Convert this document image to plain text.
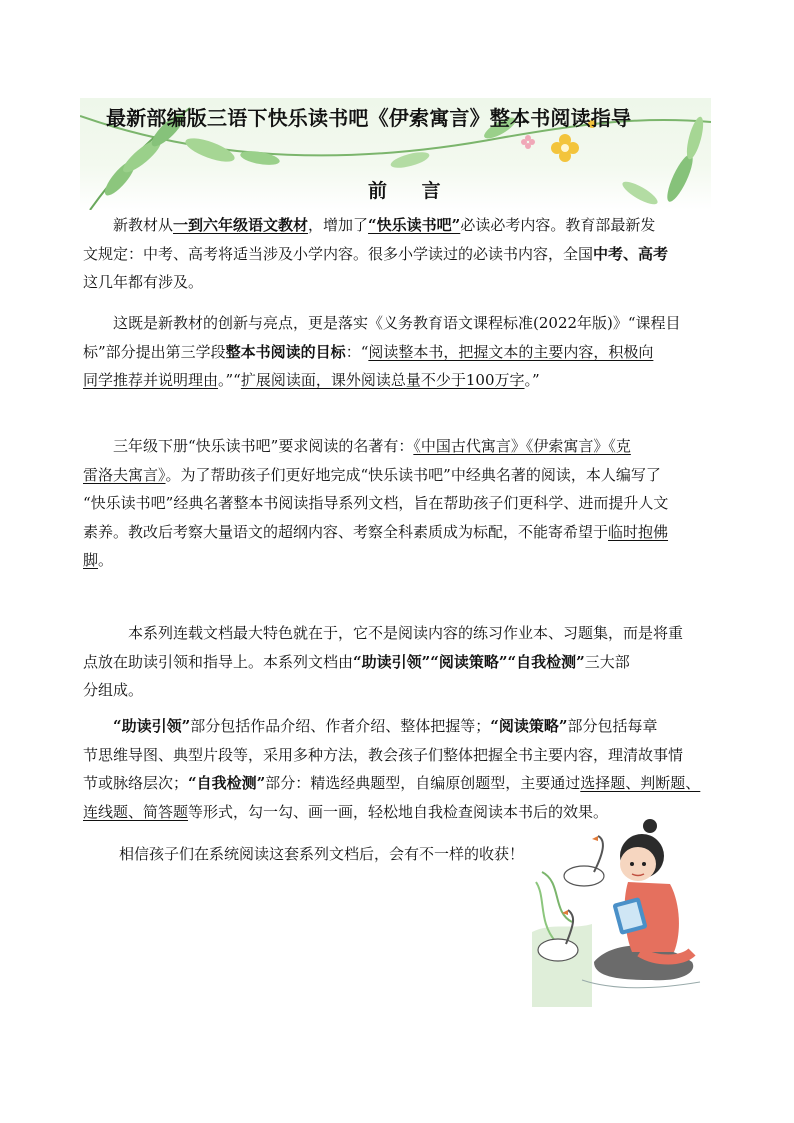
最新部编版三语下快乐读书吧《伊索寓言》整本书阅读指导
前 言
新教材从一到六年级语文教材，增加了“快乐读书吧”必读必考内容。教育部最新发
文规定：中考、高考将适当涉及小学内容。很多小学读过的必读书内容，全国中考、高考
这几年都有涉及。
这既是新教材的创新与亮点，更是落实《义务教育语文课程标准(2022年版)》“课程目
标”部分提出第三学段整本书阅读的目标：“阅读整本书，把握文本的主要内容，积极向
同学推荐并说明理由。”“扩展阅读面，课外阅读总量不少于100万字。”
三年级下册“快乐读书吧”要求阅读的名著有：《中国古代寓言》《伊索寓言》《克
雷洛夫寓言》。为了帮助孩子们更好地完成“快乐读书吧”中经典名著的阅读，本人编写了
“快乐读书吧”经典名著整本书阅读指导系列文档，旨在帮助孩子们更科学、进而提升人文
素养。教改后考察大量语文的超纲内容、考察全科素质成为标配，不能寄希望于临时抱佛
脚。
本系列连载文档最大特色就在于，它不是阅读内容的练习作业本、习题集，而是将重
点放在助读引领和指导上。本系列文档由“助读引领”“阅读策略”“自我检测”三大部
分组成。
“助读引领”部分包括作品介绍、作者介绍、整体把握等；“阅读策略”部分包括每章
节思维导图、典型片段等，采用多种方法，教会孩子们整体把握全书主要内容，理清故事情
节或脉络层次；“自我检测”部分：精选经典题型，自编原创题型，主要通过选择题、判断题、
连线题、简答题等形式，勾一勾、画一画，轻松地自我检查阅读本书后的效果。
相信孩子们在系统阅读这套系列文档后，会有不一样的收获！
